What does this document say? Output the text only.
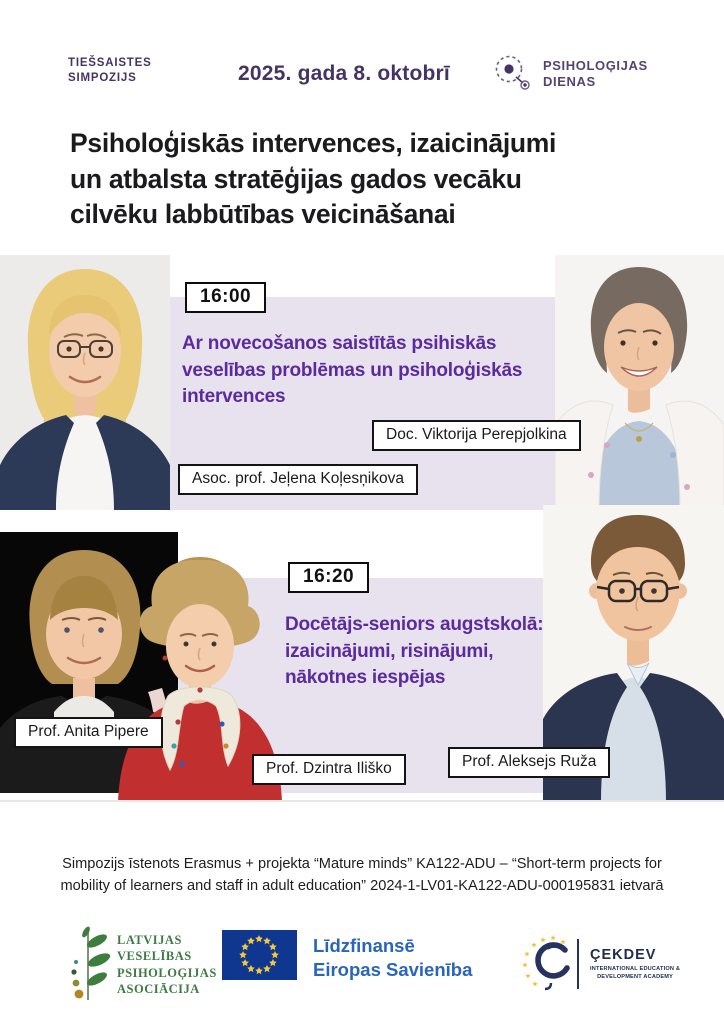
TIEŠSAISTES
SIMPOZIJS	2025. gada 8. oktobrī	PSIHOLOĢIJAS
DIENAS
Psiholoģiskās intervences, izaicinājumi
un atbalsta stratēģijas gados vecāku
cilvēku labbūtības veicināšanai
16:00
Ar novecošanos saistītās psihiskās
veselības problēmas un psiholoģiskās
intervences
Doc. Viktorija Perepjolkina
Asoc. prof. Jeļena Koļesņikova
16:20
Docētājs-seniors augstskolā:
izaicinājumi, risinājumi,
nākotnes iespējas
Prof. Anita Pipere
Prof. Dzintra Iliško	Prof. Aleksejs Ruža
Simpozijs īstenots Erasmus + projekta “Mature minds” KA122-ADU – “Short-term projects for
mobility of learners and staff in adult education” 2024-1-LV01-KA122-ADU-000195831 ietvarā
LATVIJAS
VESELĪBAS
PSIHOLOĢIJAS
ASOCIĀCIJA
Līdzfinansē
Eiropas Savienība
ÇEKDEV
INTERNATIONAL EDUCATION &
DEVELOPMENT ACADEMY
